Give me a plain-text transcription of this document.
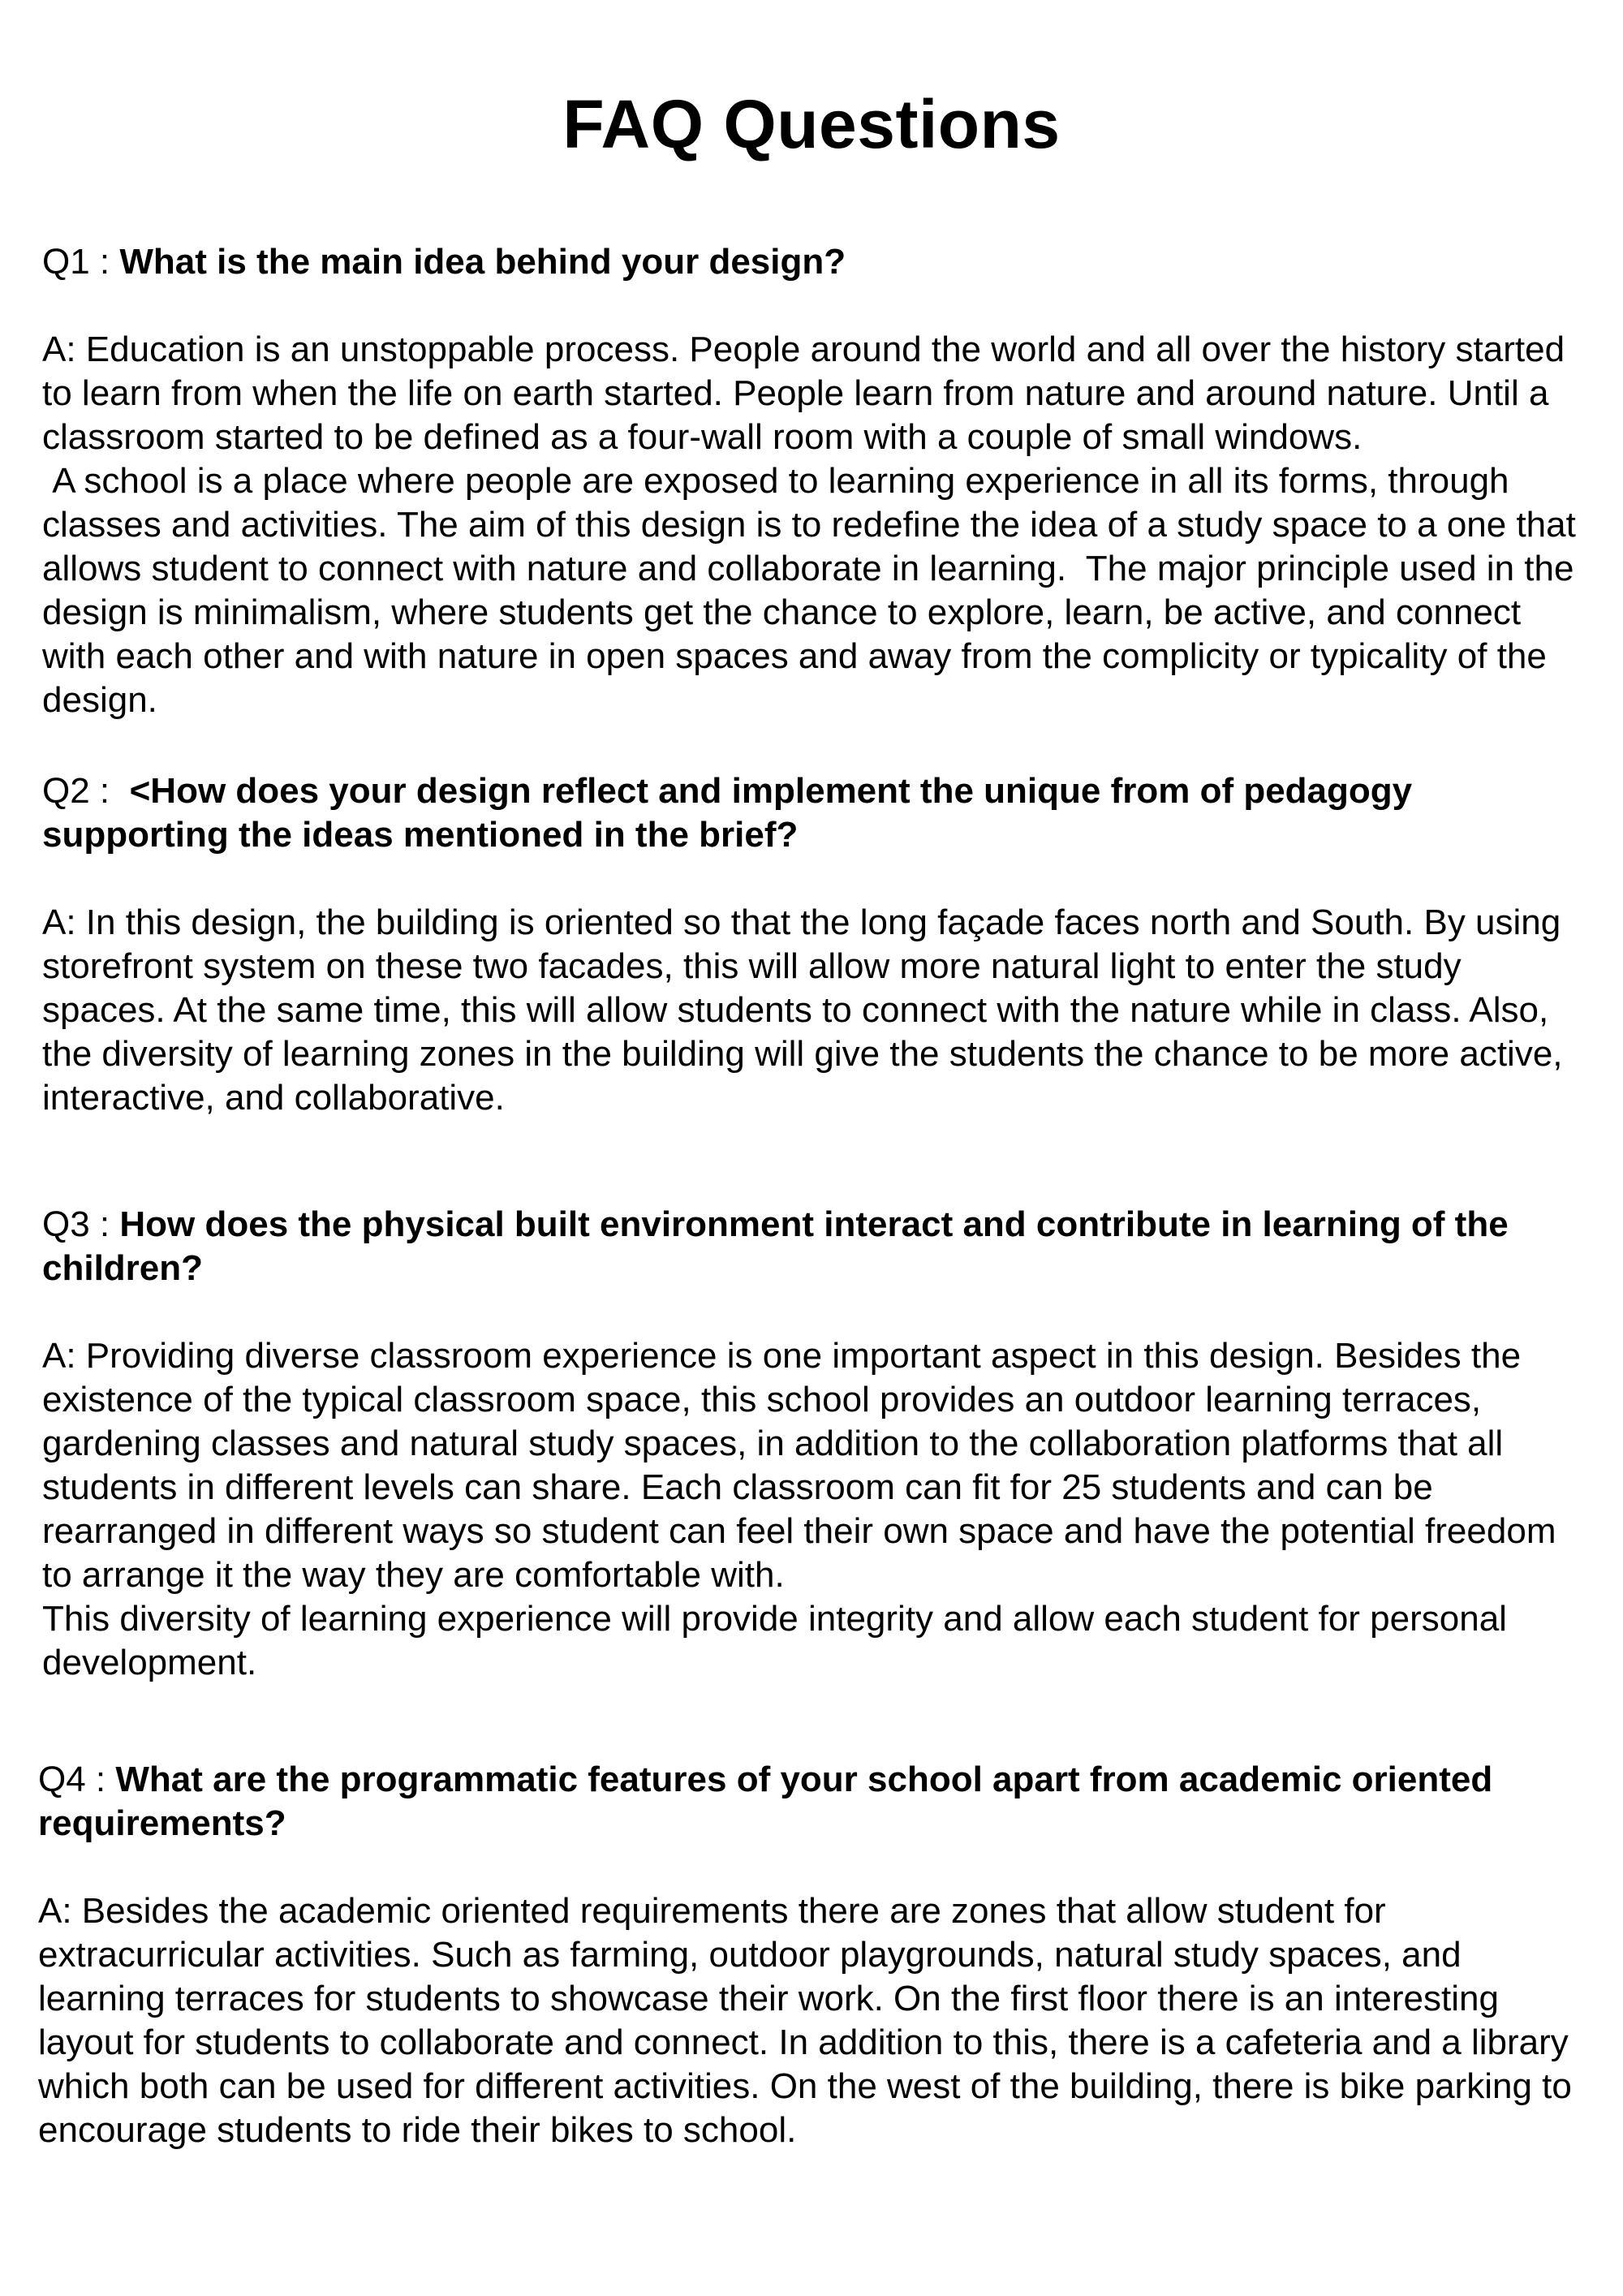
FAQ Questions

Q1 : What is the main idea behind your design?

A: Education is an unstoppable process. People around the world and all over the history started to learn from when the life on earth started. People learn from nature and around nature. Until a classroom started to be defined as a four-wall room with a couple of small windows.

A school is a place where people are exposed to learning experience in all its forms, through classes and activities. The aim of this design is to redefine the idea of a study space to a one that allows student to connect with nature and collaborate in learning.  The major principle used in the design is minimalism, where students get the chance to explore, learn, be active, and connect with each other and with nature in open spaces and away from the complicity or typicality of the design.

Q2 :  <How does your design reflect and implement the unique from of pedagogy supporting the ideas mentioned in the brief?

A: In this design, the building is oriented so that the long façade faces north and South. By using storefront system on these two facades, this will allow more natural light to enter the study spaces. At the same time, this will allow students to connect with the nature while in class. Also, the diversity of learning zones in the building will give the students the chance to be more active, interactive, and collaborative.

Q3 : How does the physical built environment interact and contribute in learning of the children?

A: Providing diverse classroom experience is one important aspect in this design. Besides the existence of the typical classroom space, this school provides an outdoor learning terraces, gardening classes and natural study spaces, in addition to the collaboration platforms that all students in different levels can share. Each classroom can fit for 25 students and can be rearranged in different ways so student can feel their own space and have the potential freedom to arrange it the way they are comfortable with.

This diversity of learning experience will provide integrity and allow each student for personal development.

Q4 : What are the programmatic features of your school apart from academic oriented requirements?

A: Besides the academic oriented requirements there are zones that allow student for extracurricular activities. Such as farming, outdoor playgrounds, natural study spaces, and learning terraces for students to showcase their work. On the first floor there is an interesting layout for students to collaborate and connect. In addition to this, there is a cafeteria and a library which both can be used for different activities. On the west of the building, there is bike parking to encourage students to ride their bikes to school.
